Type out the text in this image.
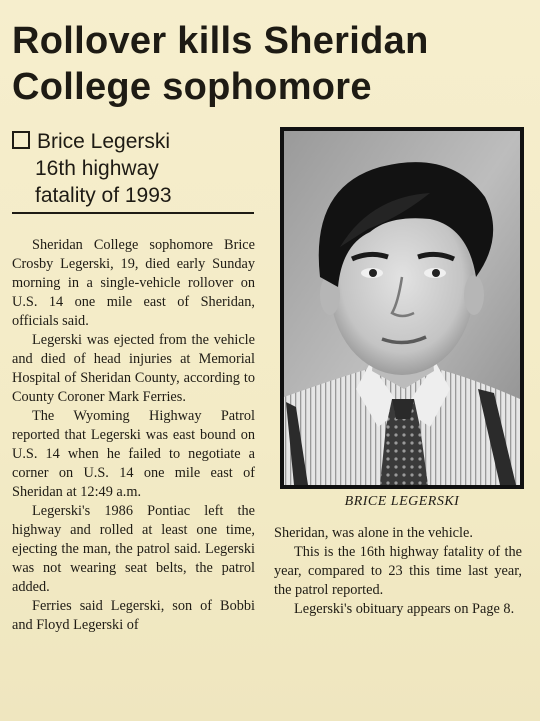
Rollover kills Sheridan College sophomore
Brice Legerski
16th highway
fatality of 1993

Sheridan College sophomore Brice Crosby Legerski, 19, died early Sunday morning in a single-vehicle rollover on U.S. 14 one mile east of Sheridan, officials said.

Legerski was ejected from the vehicle and died of head injuries at Memorial Hospital of Sheridan County, according to County Coroner Mark Ferries.

The Wyoming Highway Patrol reported that Legerski was east bound on U.S. 14 when he failed to negotiate a corner on U.S. 14 one mile east of Sheridan at 12:49 a.m.

Legerski's 1986 Pontiac left the highway and rolled at least one time, ejecting the man, the patrol said. Legerski was not wearing seat belts, the patrol added.

Ferries said Legerski, son of Bobbi and Floyd Legerski of

BRICE LEGERSKI

Sheridan, was alone in the vehicle.

This is the 16th highway fatality of the year, compared to 23 this time last year, the patrol reported.

Legerski's obituary appears on Page 8.
